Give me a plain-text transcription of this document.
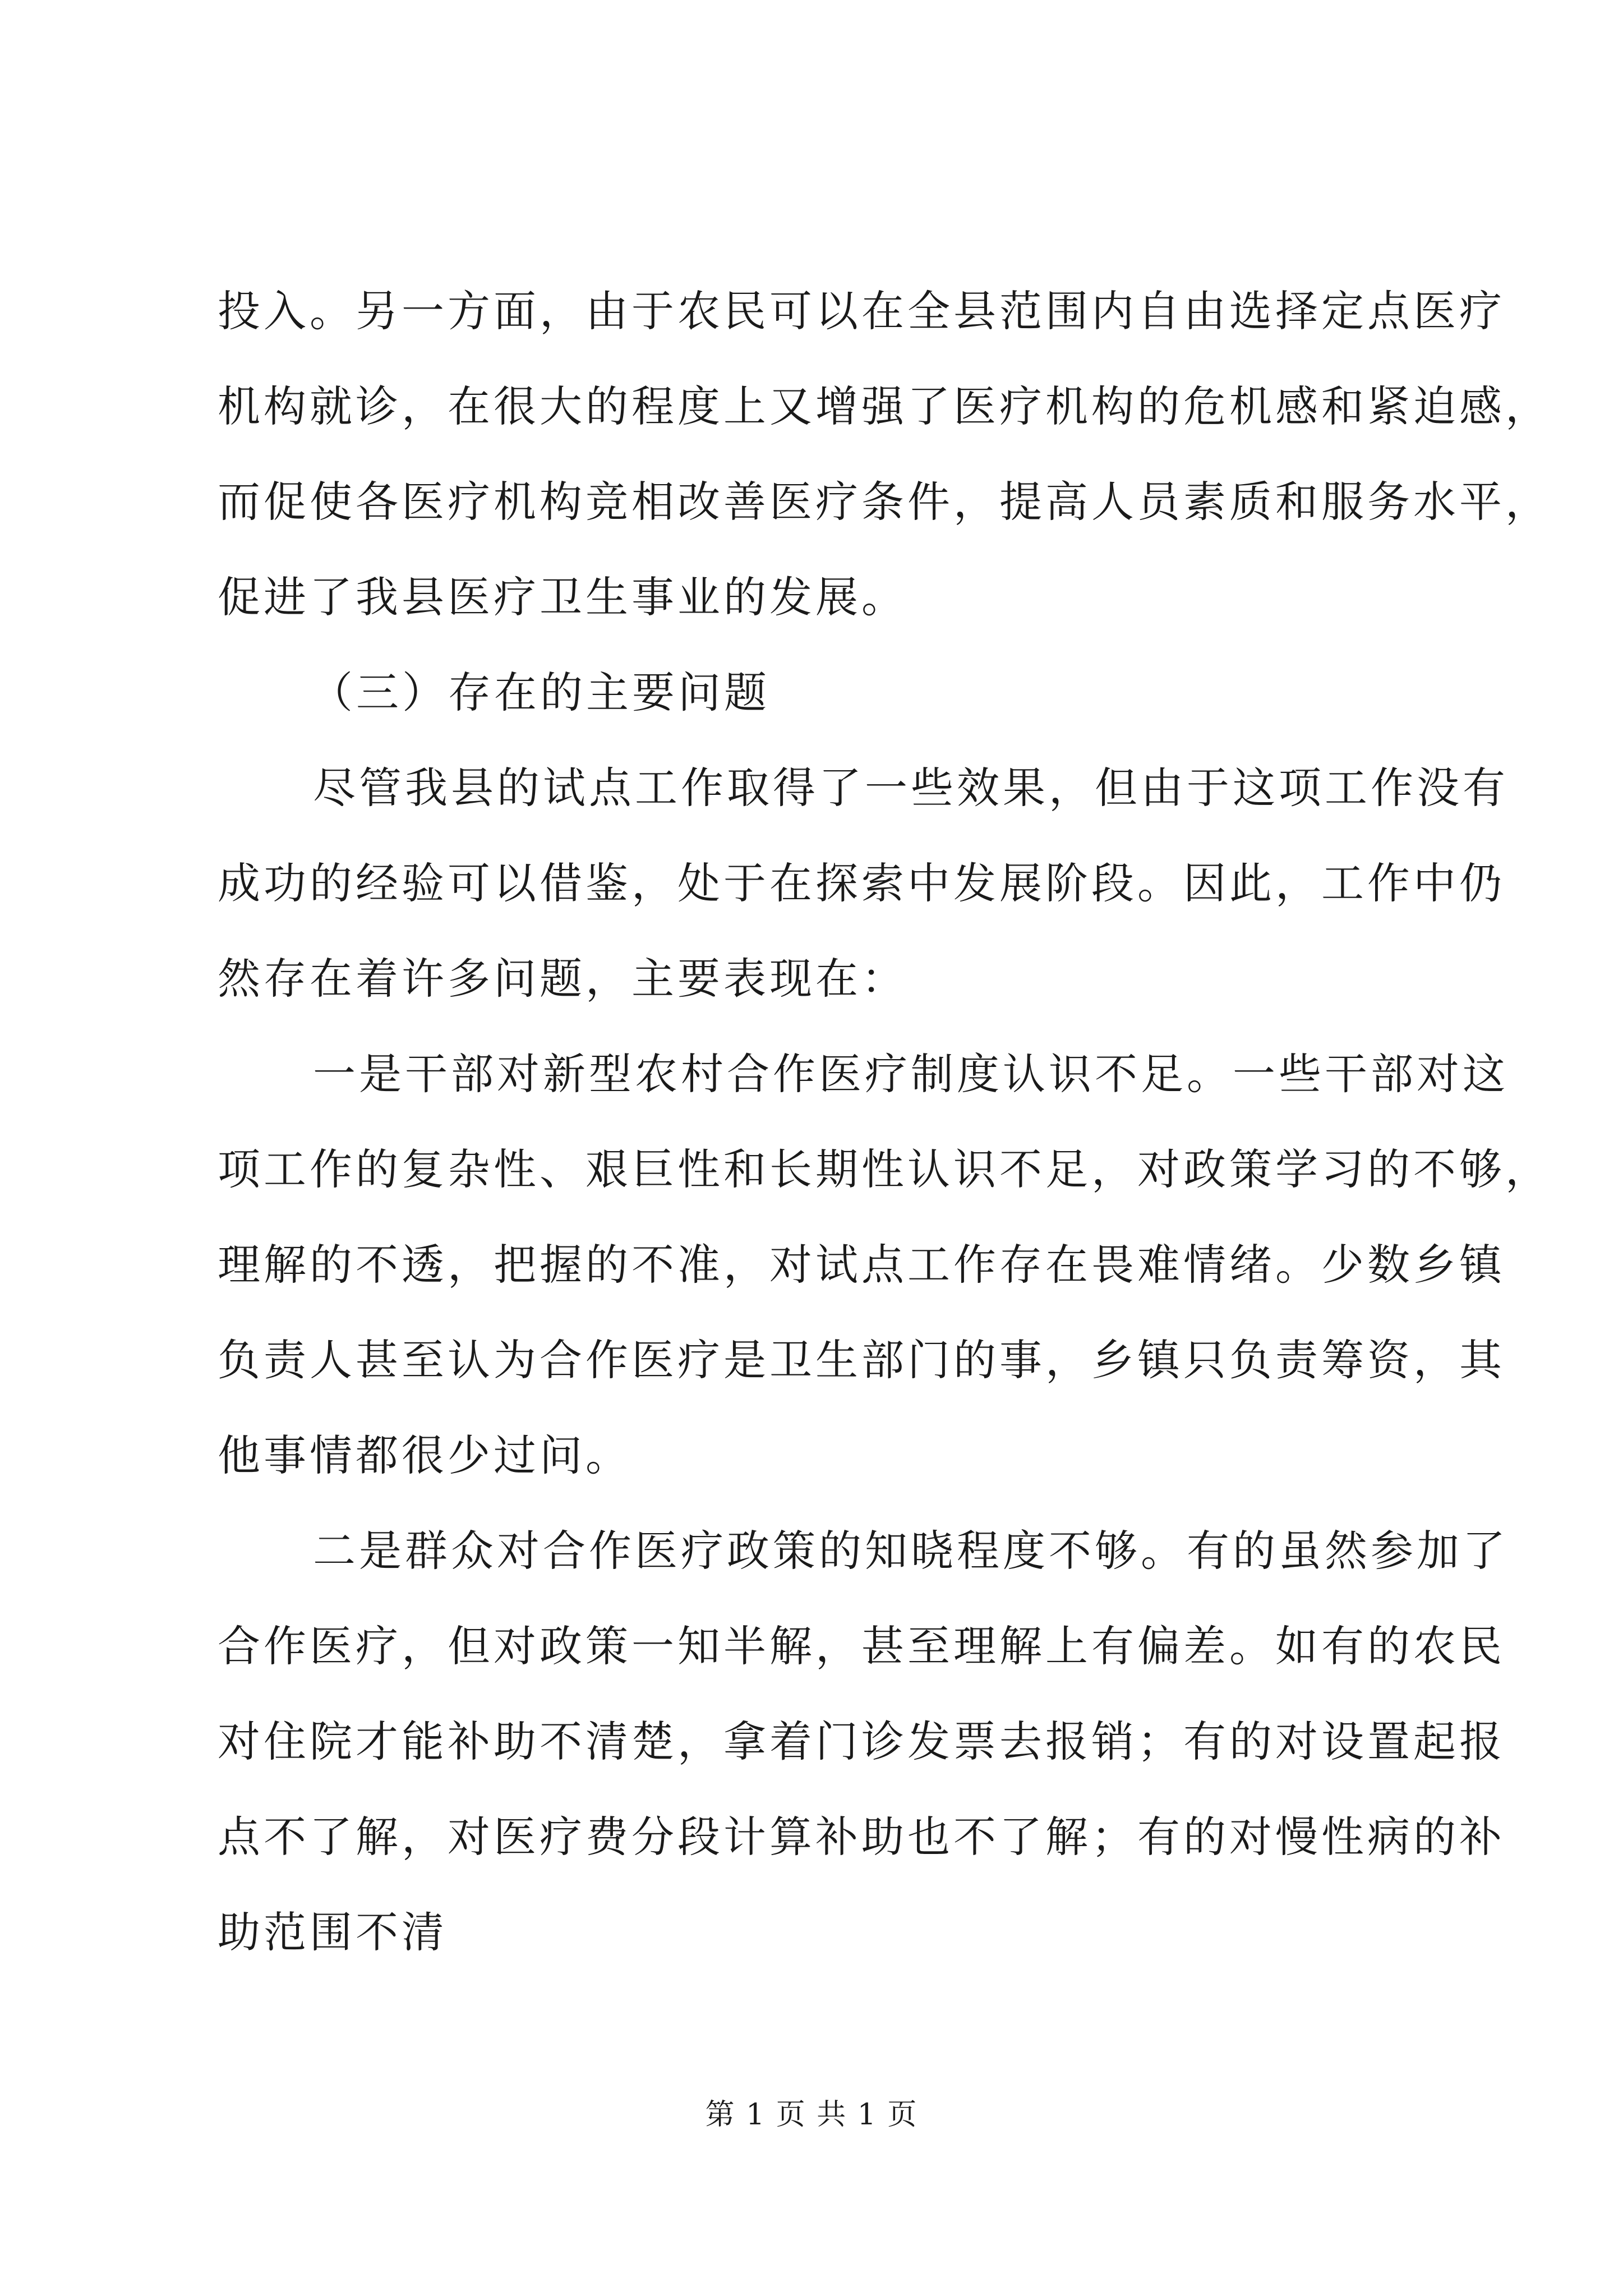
投入。另一方面，由于农民可以在全县范围内自由选择定点医疗
机构就诊，在很大的程度上又增强了医疗机构的危机感和紧迫感，
而促使各医疗机构竞相改善医疗条件，提高人员素质和服务水平，
促进了我县医疗卫生事业的发展。
（三）存在的主要问题
尽管我县的试点工作取得了一些效果，但由于这项工作没有
成功的经验可以借鉴，处于在探索中发展阶段。因此，工作中仍
然存在着许多问题，主要表现在：
一是干部对新型农村合作医疗制度认识不足。一些干部对这
项工作的复杂性、艰巨性和长期性认识不足，对政策学习的不够，
理解的不透，把握的不准，对试点工作存在畏难情绪。少数乡镇
负责人甚至认为合作医疗是卫生部门的事，乡镇只负责筹资，其
他事情都很少过问。
二是群众对合作医疗政策的知晓程度不够。有的虽然参加了
合作医疗，但对政策一知半解，甚至理解上有偏差。如有的农民
对住院才能补助不清楚，拿着门诊发票去报销；有的对设置起报
点不了解，对医疗费分段计算补助也不了解；有的对慢性病的补
助范围不清
第 1 页 共 1 页
